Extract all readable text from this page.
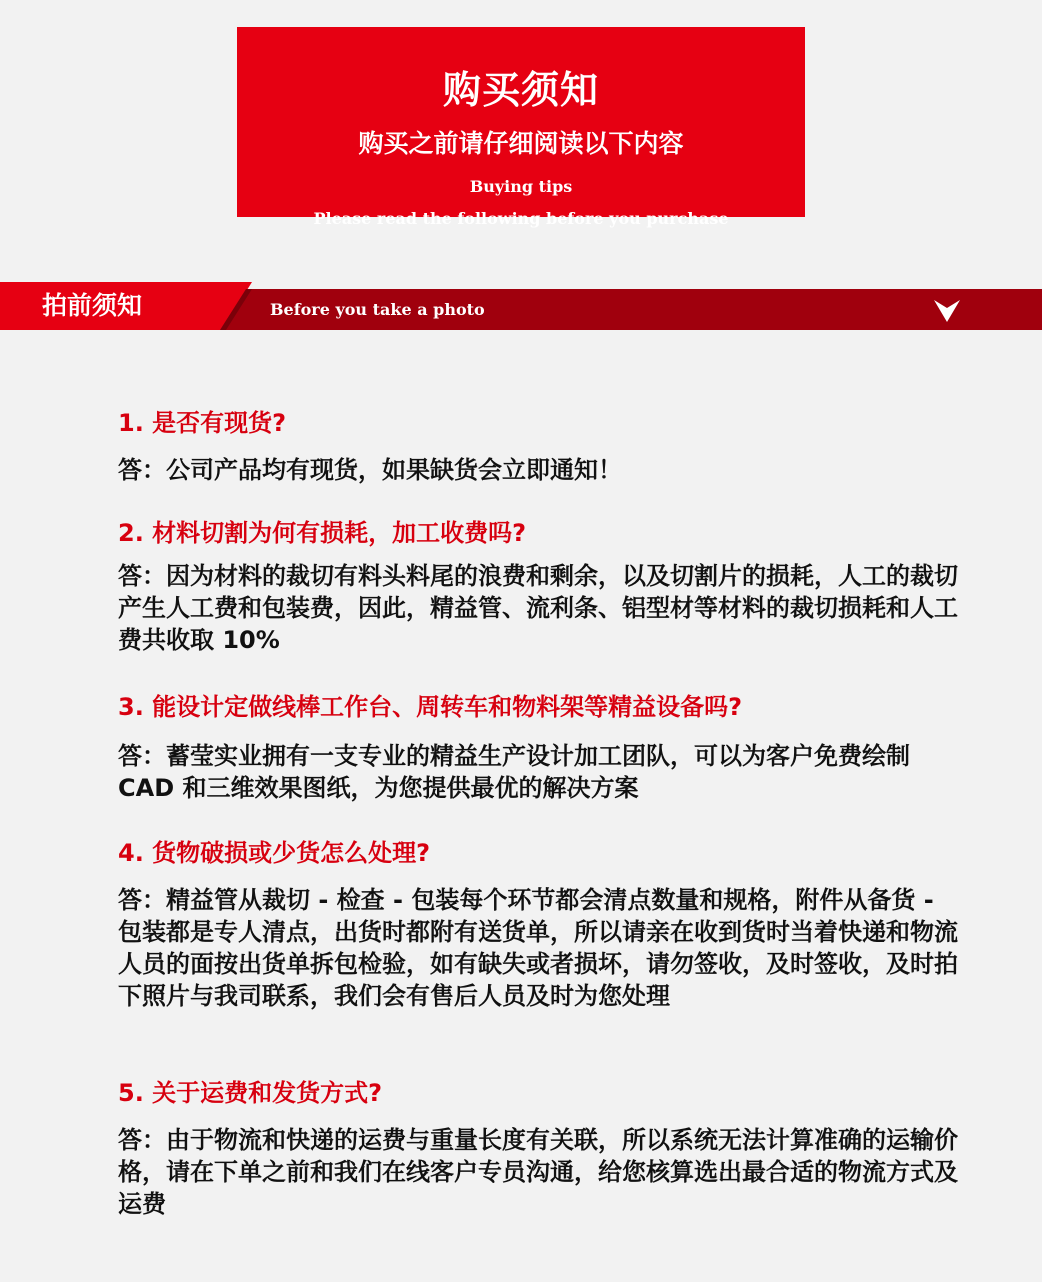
购买须知
购买之前请仔细阅读以下内容
Buying tips
Please read the following before you purchase
拍前须知	Before you take a photo
1. 是否有现货?
答：公司产品均有现货，如果缺货会立即通知！
2. 材料切割为何有损耗，加工收费吗?
答：因为材料的裁切有料头料尾的浪费和剩余，以及切割片的损耗，人工的裁切产生人工费和包装费，因此，精益管、流利条、铝型材等材料的裁切损耗和人工费共收取 10%
3. 能设计定做线棒工作台、周转车和物料架等精益设备吗?
答：蓄莹实业拥有一支专业的精益生产设计加工团队，可以为客户免费绘制 CAD 和三维效果图纸，为您提供最优的解决方案
4. 货物破损或少货怎么处理?
答：精益管从裁切 - 检查 - 包装每个环节都会清点数量和规格，附件从备货 - 包装都是专人清点，出货时都附有送货单，所以请亲在收到货时当着快递和物流人员的面按出货单拆包检验，如有缺失或者损坏，请勿签收，及时签收，及时拍下照片与我司联系，我们会有售后人员及时为您处理
5. 关于运费和发货方式?
答：由于物流和快递的运费与重量长度有关联，所以系统无法计算准确的运输价格，请在下单之前和我们在线客户专员沟通，给您核算选出最合适的物流方式及运费
